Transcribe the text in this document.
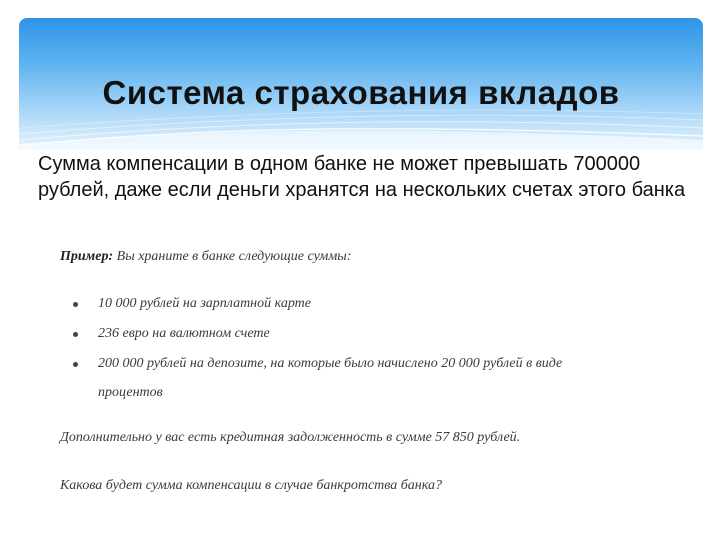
Система страхования вкладов

Сумма компенсации в одном банке не может превышать 700000 рублей, даже если деньги хранятся на нескольких счетах этого банка

Пример: Вы храните в банке следующие суммы:
10 000 рублей на зарплатной карте
236 евро на валютном счете
200 000 рублей на депозите, на которые было начислено 20 000 рублей в виде
процентов
Дополнительно у вас есть кредитная задолженность в сумме 57 850 рублей.
Какова будет сумма компенсации в случае банкротства банка?
